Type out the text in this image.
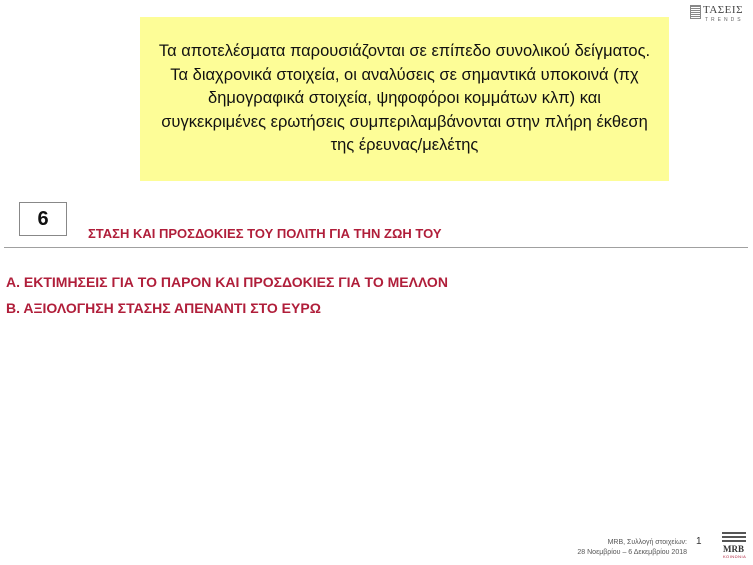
ΤΑΣΕΙΣ
TRENDS
Τα αποτελέσματα παρουσιάζονται σε επίπεδο συνολικού δείγματος. Τα διαχρονικά στοιχεία, οι αναλύσεις σε σημαντικά υποκοινά (πχ δημογραφικά στοιχεία, ψηφοφόροι κομμάτων κλπ) και συγκεκριμένες ερωτήσεις συμπεριλαμβάνονται στην πλήρη έκθεση της έρευνας/μελέτης
6
ΣΤΑΣΗ ΚΑΙ ΠΡΟΣΔΟΚΙΕΣ ΤΟΥ ΠΟΛΙΤΗ ΓΙΑ ΤΗΝ ΖΩΗ ΤΟΥ
Α. ΕΚΤΙΜΗΣΕΙΣ ΓΙΑ ΤΟ ΠΑΡΟΝ ΚΑΙ ΠΡΟΣΔΟΚΙΕΣ ΓΙΑ ΤΟ ΜΕΛΛΟΝ
Β. ΑΞΙΟΛΟΓΗΣΗ ΣΤΑΣΗΣ ΑΠΕΝΑΝΤΙ ΣΤΟ ΕΥΡΩ
MRB, Συλλογή στοιχείων:
28 Νοεμβρίου – 6 Δεκεμβρίου 2018
1
MRB
ΚΟΙΝΩΝΙΑ
